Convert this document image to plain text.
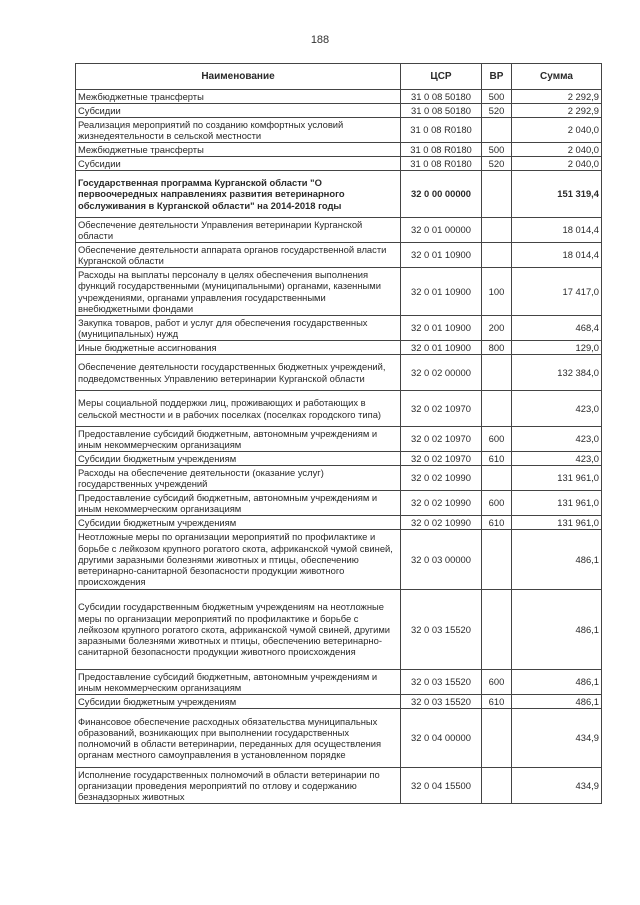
188
Наименование	ЦСР	ВР	Сумма
Межбюджетные трансферты	31 0 08 50180	500	2 292,9
Субсидии	31 0 08 50180	520	2 292,9
Реализация мероприятий по созданию комфортных условий жизнедеятельности в сельской местности	31 0 08 R0180		2 040,0
Межбюджетные трансферты	31 0 08 R0180	500	2 040,0
Субсидии	31 0 08 R0180	520	2 040,0
Государственная программа Курганской области "О первоочередных направлениях развития ветеринарного обслуживания в Курганской области" на 2014-2018 годы	32 0 00 00000		151 319,4
Обеспечение деятельности Управления ветеринарии Курганской области	32 0 01 00000		18 014,4
Обеспечение деятельности аппарата органов государственной власти Курганской области	32 0 01 10900		18 014,4
Расходы на выплаты персоналу в целях обеспечения выполнения функций государственными (муниципальными) органами, казенными учреждениями, органами управления государственными внебюджетными фондами	32 0 01 10900	100	17 417,0
Закупка товаров, работ и услуг для обеспечения государственных (муниципальных) нужд	32 0 01 10900	200	468,4
Иные бюджетные ассигнования	32 0 01 10900	800	129,0
Обеспечение деятельности государственных бюджетных учреждений, подведомственных Управлению ветеринарии Курганской области	32 0 02 00000		132 384,0
Меры социальной поддержки лиц, проживающих и работающих в сельской местности и в рабочих поселках (поселках городского типа)	32 0 02 10970		423,0
Предоставление субсидий бюджетным, автономным учреждениям и иным некоммерческим организациям	32 0 02 10970	600	423,0
Субсидии бюджетным учреждениям	32 0 02 10970	610	423,0
Расходы на обеспечение деятельности (оказание услуг) государственных учреждений	32 0 02 10990		131 961,0
Предоставление субсидий бюджетным, автономным учреждениям и иным некоммерческим организациям	32 0 02 10990	600	131 961,0
Субсидии бюджетным учреждениям	32 0 02 10990	610	131 961,0
Неотложные меры по организации мероприятий по профилактике и борьбе с лейкозом крупного рогатого скота, африканской чумой свиней, другими заразными болезнями животных и птицы, обеспечению ветеринарно-санитарной безопасности продукции животного происхождения	32 0 03 00000		486,1
Субсидии государственным бюджетным учреждениям на неотложные меры по организации мероприятий по профилактике и борьбе с лейкозом крупного рогатого скота, африканской чумой свиней, другими заразными болезнями животных и птицы, обеспечению ветеринарно-санитарной безопасности продукции животного происхождения	32 0 03 15520		486,1
Предоставление субсидий бюджетным, автономным учреждениям и иным некоммерческим организациям	32 0 03 15520	600	486,1
Субсидии бюджетным учреждениям	32 0 03 15520	610	486,1
Финансовое обеспечение расходных обязательства муниципальных образований, возникающих при выполнении государственных полномочий в области ветеринарии, переданных для осуществления органам местного самоуправления в установленном порядке	32 0 04 00000		434,9
Исполнение государственных полномочий в области ветеринарии по организации проведения мероприятий по отлову и содержанию безнадзорных животных	32 0 04 15500		434,9
